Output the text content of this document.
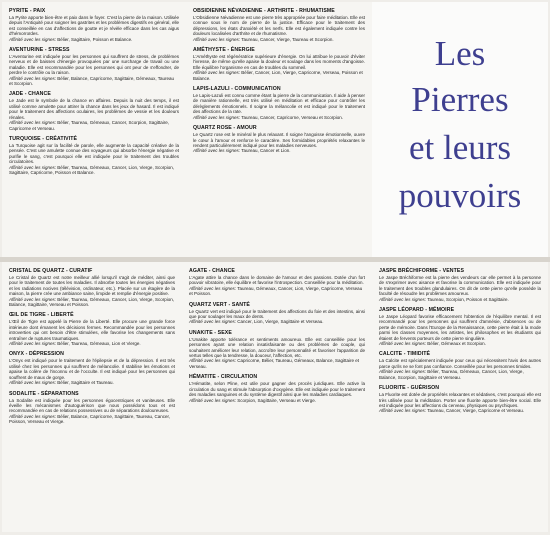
PYRITE - PAIX

La Pyrite apporte bien-être et paix dans le foyer. C'est la pierre de la maison. Utilisée depuis l'Antiquité pour soigner les gastrites et les problèmes digestifs en général, elle est conseillée en cas d'affections de goutte et je révèle efficace dans les cas aigus d'hémorroïdes.

Affinité avec les signes: Bélier, Sagittaire, Poisson et Balance.

AVENTURINE - STRESS

L'Aventurine est indiquée pour les personnes qui souffrent de stress, de problèmes nerveux et de baisses d'énergie provoquées par une surcharge de travail ou une maladie. Elle est recommandée pour les personnes qui ont peur de s'effondrer, de perdre le contrôle ou la raison.

Affinité avec les signes: Bélier, Balance, Capricorne, Sagittaire, Gémeaux, Taureau et Scorpion.

JADE - CHANCE

Le Jade est le symbole de la chance en affaires. Depuis la nuit des temps, il est utilisé comme amulette pour attirer la chance dans les jeux de hasard. Il est indiqué pour le traitement des affections oculaires, les problèmes de vessie et les douleurs rénales.

Affinité avec les signes: Bélier, Taureau, Gémeaux, Cancer, Scorpion, Sagittaire, Capricorne et Verseau.

TURQUOISE - CRÉATIVITÉ

La Turquoise agit sur la facilité de parole, elle augmente la capacité créative de la pensée. C'est une amulette connue des voyageurs qui absorbe l'énergie négative et purifie le sang, c'est pourquoi elle est indiquée pour le traitement des troubles circulatoires.

Affinité avec les signes: Bélier, Taureau, Gémeaux, Cancer, Lion, Vierge, Scorpion, Sagittaire, Capricorne, Poisson et Balance.

OBSIDIENNE NÉVADIENNE - ARTHRITE - RHUMATISME

L'Obsidienne Névadienne est une pierre très appropriée pour faire méditation. Elle est connue sous le nom de pierre de la justice. Efficace pour le traitement des dépressions, les états d'anxiété et les nerfs. Elle est également indiquée contre les douleurs localisées d'arthrite et de rhumatisme.

Affinité avec les signes: Taureau, Cancer, Vierge, Taureau et Scorpion.

AMÉTHYSTE - ÉNERGIE

L'Améthyste est régénératrice supérieure d'énergie. On lui attribue le pouvoir d'éviter l'ivresse, de même qu'elle apaise la douleur et soulage dans les moments d'angoisse. Elle équilibre l'organisme en cas de troubles du sommeil.

Affinité avec les signes: Bélier, Cancer, Lion, Vierge, Capricorne, Verseau, Poisson et Balance.

LAPIS-LAZULI - COMMUNICATION

Le Lapis-Lazuli est connu comme étant la pierre de la communication. Il aide à penser de manière rationnelle, est très utilisé en méditation et efficace pour contrôler les dérèglements émotionnels. Il soigne la mélancolie et est indiqué pour le traitement des affections de la rate.

Affinité avec les signes: Taureau, Cancer, Capricorne, Verseau et Scorpion.

QUARTZ ROSE - AMOUR

Le Quartz rose est le minéral le plus relaxant. Il soigne l'angoisse émotionnelle, ouvre le cœur à l'amour et renforce le caractère. Ses formidables propriétés relaxantes le rendent particulièrement indiqué pour les maladies nerveuses.

Affinité avec les signes: Taureau, Cancer et Lion.

Les
Pierres
et leurs
pouvoirs

CRISTAL DE QUARTZ - CURATIF

Le Cristal de Quartz est notre meilleur allié lorsqu'il s'agit de méditer, ainsi que pour le traitement de toutes les maladies. Il absorbe toutes les énergies négatives et les radiations nocives (télévision, ordinateur, etc.). Placée sur un étagère de la maison, la pierre crée une ambiance saine, limpide et remplie d'énergie positive.

Affinité avec les signes: Bélier, Taureau, Gémeaux, Cancer, Lion, Vierge, Scorpion, Balance, Sagittaire, Verseau et Poisson.

ŒIL DE TIGRE - LIBERTÉ

L'Œil de Tigre est appelé la Pierre de la Liberté. Elle procure une grande force intérieure dont émanent les décisions fermes. Recommandée pour les personnes introverties qui ont besoin d'être stimulées, elle favorise les changements sans entraîner de ruptures traumatiques.

Affinité avec les signes: Bélier, Taureau, Gémeaux, Lion et Vierge.

ONYX - DÉPRESSION

L'Onyx est indiqué pour le traitement de l'épilepsie et de la dépression. Il est très utilisé chez les personnes qui souffrent de mélancolie. Il stabilise les émotions et apaise la colère de l'inconnu et de l'occulte. Il est indiqué pour les personnes qui souffrent de maux de gorge.

Affinité avec les signes: Bélier, Sagittaire et Taureau.

SODALITE - SÉPARATIONS

La Sodalite est indiquée pour les personnes égocentriques et vaniteuses. Elle éveille les mécanismes d'autoguérison que nous possédons tous et est recommandée en cas de relations possessives ou de séparations douloureuses.

Affinité avec les signes: Bélier, Balance, Capricorne, Sagittaire, Taureau, Cancer, Poisson, Verseau et Vierge.

AGATE - CHANCE

L'Agate attire la chance dans le domaine de l'amour et des passions. Dotée d'un fort pouvoir vibratoire, elle équilibre et favorise l'introspection. Conseillée pour la méditation.

Affinité avec les signes: Taureau, Gémeaux, Cancer, Lion, Vierge, Capricorne, Verseau et Poisson.

QUARTZ VERT - SANTÉ

Le Quartz vert est indiqué pour le traitement des affections du foie et des intestins, ainsi que pour soulager les maux de dents.

Affinité avec les signes: Cancer, Lion, Vierge, Sagittaire et Verseau.

UNAKITE - SEXE

L'Unakite apporte tolérance et sentiments amoureux. Elle est conseillée pour les personnes ayant une relation insatisfaisante ou des problèmes de couple, qui souhaitent améliorer leur relation, accroître leur personnalité et favoriser l'apparition de vertus telles que la tendresse, la douceur, l'affection, etc.

Affinité avec les signes: Capricorne, Bélier, Taureau, Gémeaux, Balance, Sagittaire et Verseau.

HÉMATITE - CIRCULATION

L'Hématite, selon Pline, est utile pour gagner des procès juridiques. Elle active la circulation du sang et stimule l'absorption d'oxygène. Elle est indiquée pour le traitement des maladies sanguines et du système digestif ainsi que les maladies cardiaques.

Affinité avec les signes: Scorpion, Sagittaire, Verseau et Vierge.

JASPE BRÉCHIFORME - VENTES

Le Jaspe Bréchiforme est la pierre des vendeurs car elle permet à la personne de s'exprimer avec aisance et favorise la communication. Elle est indiquée pour le traitement des troubles glandulaires. On dit de cette pierre qu'elle possède la faculté de résoudre les problèmes amoureux.

Affinité avec les signes: Taureau, Scorpion, Poisson et Sagittaire.

JASPE LÉOPARD - MÉMOIRE

Le Jaspe Léopard favorise efficacement l'obtention de l'équilibre mental. Il est recommandé pour les personnes qui souffrent d'amnésie, d'absences ou de perte de mémoire. Dans l'Europe de la Renaissance, cette pierre était à la mode parmi les classes moyennes, les artistes, les philosophes et les étudiants qui étaient de fervents porteurs de cette pierre singulière.

Affinité avec les signes: Bélier, Gémeaux et Scorpion.

CALCITE - TIMIDITÉ

La Calcite est spécialement indiquée pour ceux qui nécessitent l'avis des autres parce qu'ils ne se font pas confiance. Conseillée pour les personnes timides.

Affinité avec les signes: Bélier, Taureau, Gémeaux, Cancer, Lion, Vierge, Balance, Scorpion, Sagittaire et Verseau.

FLUORITE - GUÉRISON

La Fluorite est dotée de propriétés relaxantes et sédatives, c'est pourquoi elle est très utilisée pour la méditation. Porter une fluorite apporte bien-être social. Elle est indiquée pour les affections du cerveau, physiques ou psychiques.

Affinité avec les signes: Taureau, Cancer, Vierge, Capricorne et Verseau.
